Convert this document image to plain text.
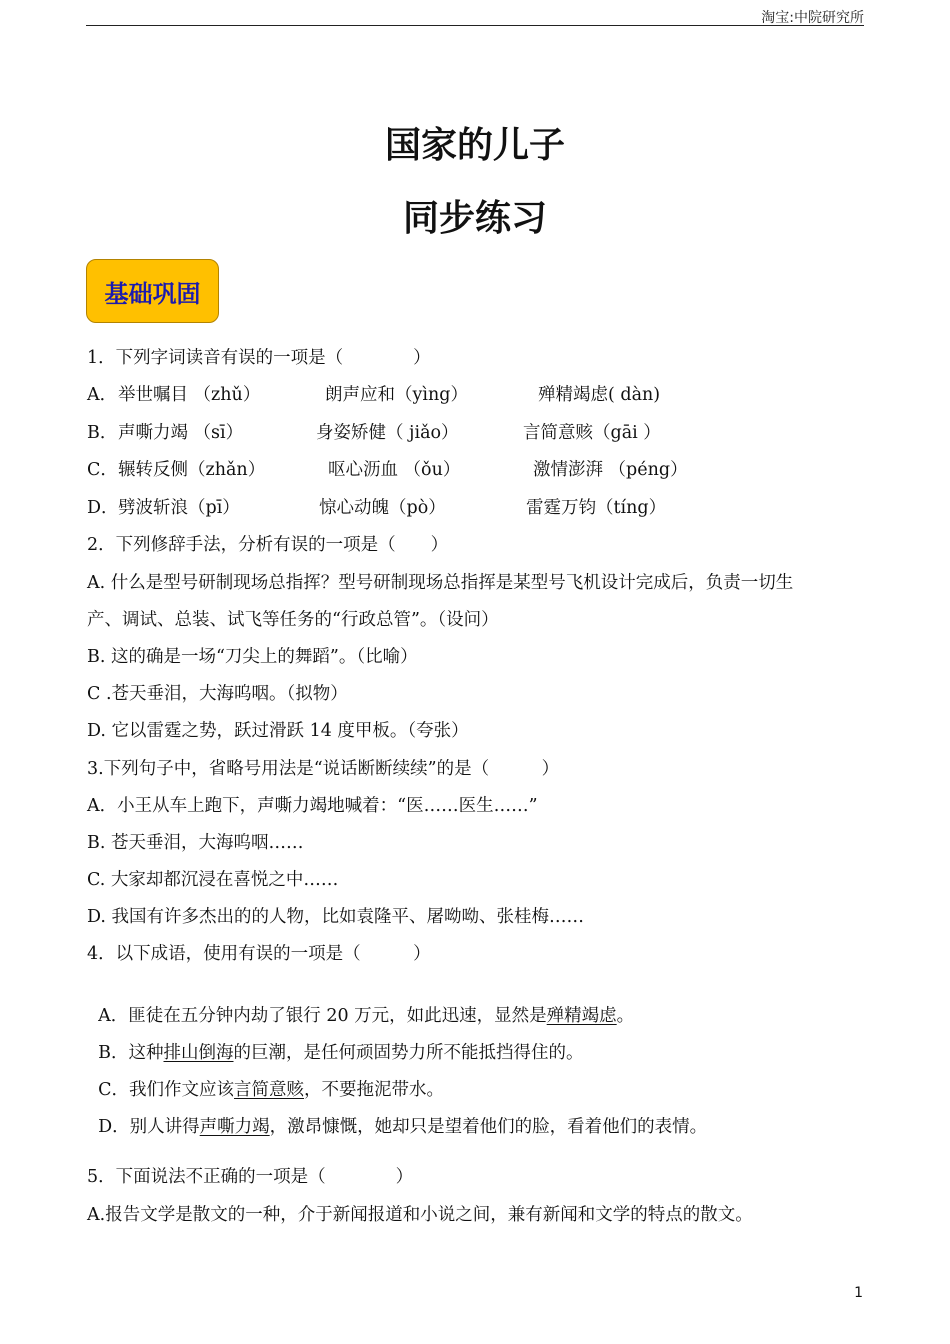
淘宝:中院研究所
国家的儿子
同步练习
基础巩固
1．下列字词读音有误的一项是（　　　　）
A． 举世嘱目 （zhǔ）	朗声应和（yìng）	殚精竭虑( dàn)
B． 声嘶力竭 （sī）	身姿矫健（ jiǎo）	言简意赅（gāi ）
C． 辗转反侧（zhǎn）	呕心沥血 （ǒu）	激情澎湃 （péng）
D． 劈波斩浪（pī）	惊心动魄（pò）	雷霆万钧（tíng）
2．下列修辞手法，分析有误的一项是（　　）
A. 什么是型号研制现场总指挥？型号研制现场总指挥是某型号飞机设计完成后，负责一切生
产、调试、总装、试飞等任务的“行政总管”。（设问）
B. 这的确是一场“刀尖上的舞蹈”。（比喻）
C .苍天垂泪，大海呜咽。（拟物）
D. 它以雷霆之势，跃过滑跃 14 度甲板。（夸张）
3.下列句子中，省略号用法是“说话断断续续”的是（　　　）
A．小王从车上跑下，声嘶力竭地喊着：“医……医生……”
B. 苍天垂泪，大海呜咽……
C. 大家却都沉浸在喜悦之中……
D. 我国有许多杰出的的人物，比如袁隆平、屠呦呦、张桂梅……
4．以下成语，使用有误的一项是（　　　）

A．匪徒在五分钟内劫了银行 20 万元，如此迅速，显然是殚精竭虑。

B．这种排山倒海的巨潮，是任何顽固势力所不能抵挡得住的。

C．我们作文应该言简意赅，不要拖泥带水。

D．别人讲得声嘶力竭，激昂慷慨，她却只是望着他们的脸，看着他们的表情。

5．下面说法不正确的一项是（　　　　）
A.报告文学是散文的一种，介于新闻报道和小说之间，兼有新闻和文学的特点的散文。
1
